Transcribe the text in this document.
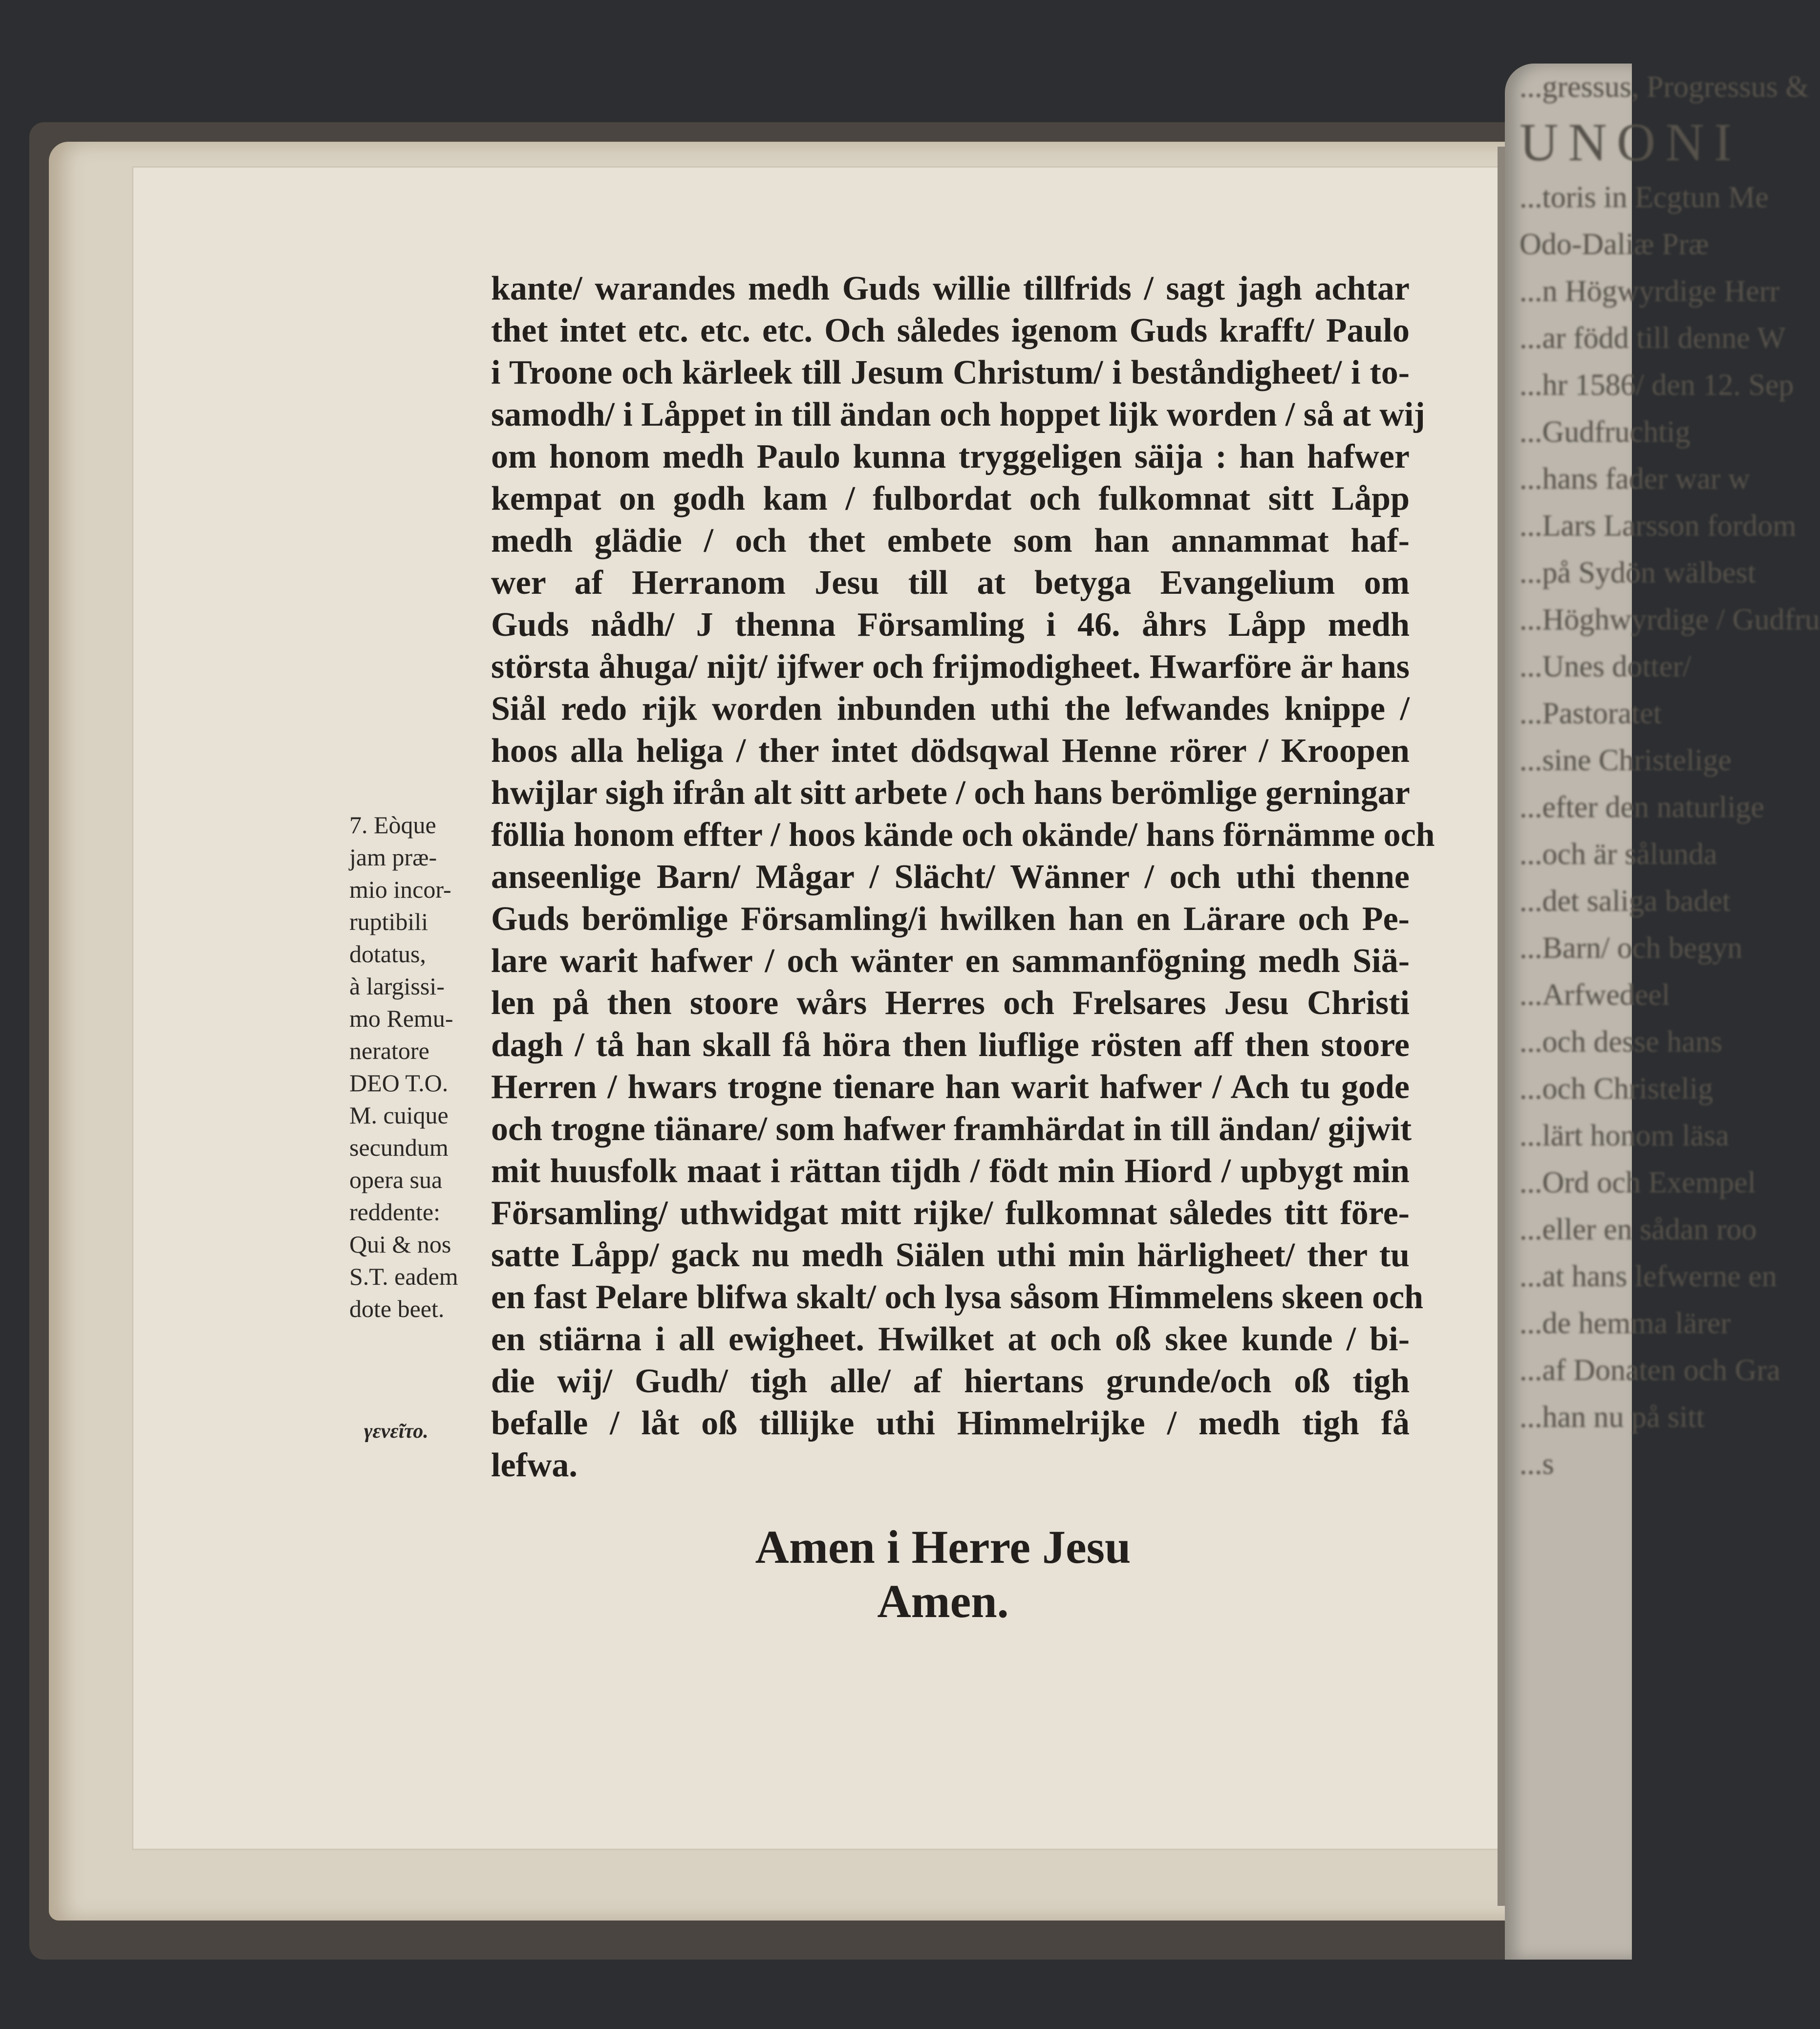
kante/ warandes medh Guds willie tillfrids / sagt jagh achtar
thet intet etc. etc. etc. Och således igenom Guds krafft/ Paulo
i Troone och kärleek till Jesum Christum/ i beståndigheet/ i to-
samodh/ i Låppet in till ändan och hoppet lijk worden / så at wij
om honom medh Paulo kunna tryggeligen säija : han hafwer
kempat on godh kam / fulbordat och fulkomnat sitt Låpp
medh glädie / och thet embete som han annammat haf-
wer af Herranom Jesu till at betyga Evangelium om
Guds nådh/ J thenna Församling i 46. åhrs Låpp medh
största åhuga/ nijt/ ijfwer och frijmodigheet. Hwarföre är hans
Siål redo rijk worden inbunden uthi the lefwandes knippe /
hoos alla heliga / ther intet dödsqwal Henne rörer / Kroopen
hwijlar sigh ifrån alt sitt arbete / och hans berömlige gerningar
föllia honom effter / hoos kände och okände/ hans förnämme och
anseenlige Barn/ Mågar / Slächt/ Wänner / och uthi thenne
Guds berömlige Församling/i hwilken han en Lärare och Pe-
lare warit hafwer / och wänter en sammanfögning medh Siä-
len på then stoore wårs Herres och Frelsares Jesu Christi
dagh / tå han skall få höra then liuflige rösten aff then stoore
Herren / hwars trogne tienare han warit hafwer / Ach tu gode
och trogne tiänare/ som hafwer framhärdat in till ändan/ gijwit
mit huusfolk maat i rättan tijdh / födt min Hiord / upbygt min
Församling/ uthwidgat mitt rijke/ fulkomnat således titt före-
satte Låpp/ gack nu medh Siälen uthi min härligheet/ ther tu
en fast Pelare blifwa skalt/ och lysa såsom Himmelens skeen och
en stiärna i all ewigheet. Hwilket at och oß skee kunde / bi-
die wij/ Gudh/ tigh alle/ af hiertans grunde/och oß tigh
befalle / låt oß tillijke uthi Himmelrijke / medh tigh få
lefwa.
7. Eòque
jam præ-
mio incor-
ruptibili
dotatus,
à largissi-
mo Remu-
neratore
DEO T.O.
M. cuique
secundum
opera sua
reddente:
Qui & nos
S.T. eadem
dote beet.
γενεῖτο.
Amen i Herre Jesu Amen.
...gressus, Progressus &
UNONI
...toris in Ecgtun Me
Odo-Daliæ Præ
...n Högwyrdige Herr
...ar född till denne W
...hr 1586/ den 12. Sep
...Gudfruchtig
...hans fader war w
...Lars Larsson fordom
...på Sydön wälbest
...Höghwyrdige / Gudfru
...Unes dotter/
...Pastoratet
...sine Christelige
...efter den naturlige
...och är sålunda
...det saliga badet
...Barn/ och begyn
...Arfwedeel
...och desse hans
...och Christelig
...lärt honom läsa
...Ord och Exempel
...eller en sådan roo
...at hans lefwerne en
...de hemma lärer
...af Donaten och Gra
...han nu på sitt
...s
